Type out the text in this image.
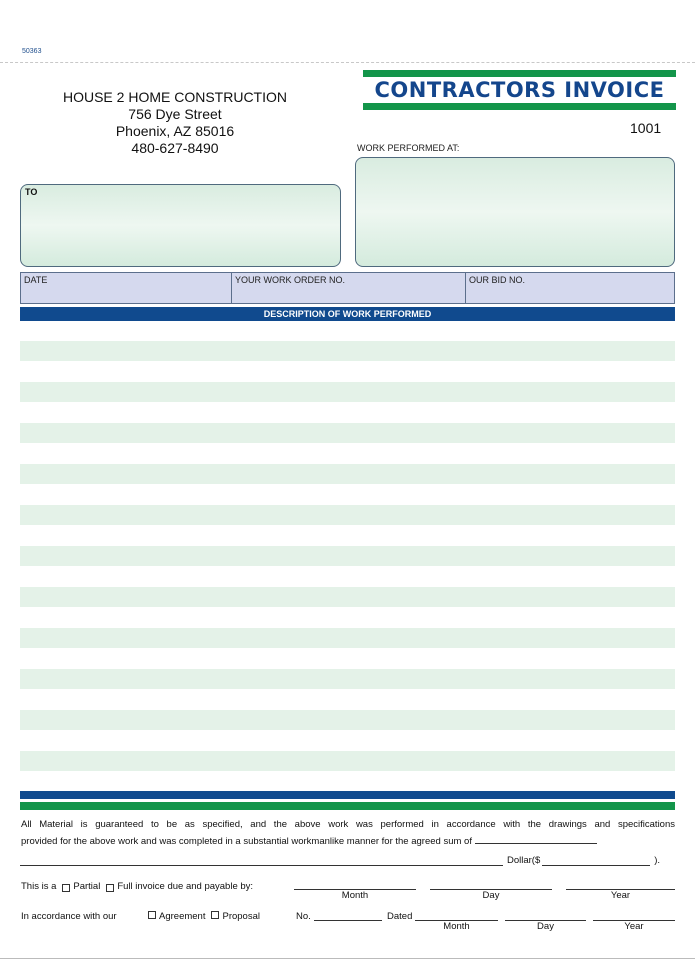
50363
CONTRACTORS INVOICE
HOUSE 2 HOME CONSTRUCTION
756 Dye Street
Phoenix, AZ 85016
480-627-8490
1001
WORK PERFORMED AT:
TO
DATE	YOUR WORK ORDER NO.	OUR BID NO.
DESCRIPTION OF WORK PERFORMED
All Material is guaranteed to be as specified, and the above work was performed in accordance with the drawings and specifications
provided for the above work and was completed in a substantial workmanlike manner for the agreed sum of
Dollar($	).
This is a Partial Full invoice due and payable by:
Month	Day	Year
In accordance with our	Agreement Proposal	No.	Dated
Month	Day	Year
